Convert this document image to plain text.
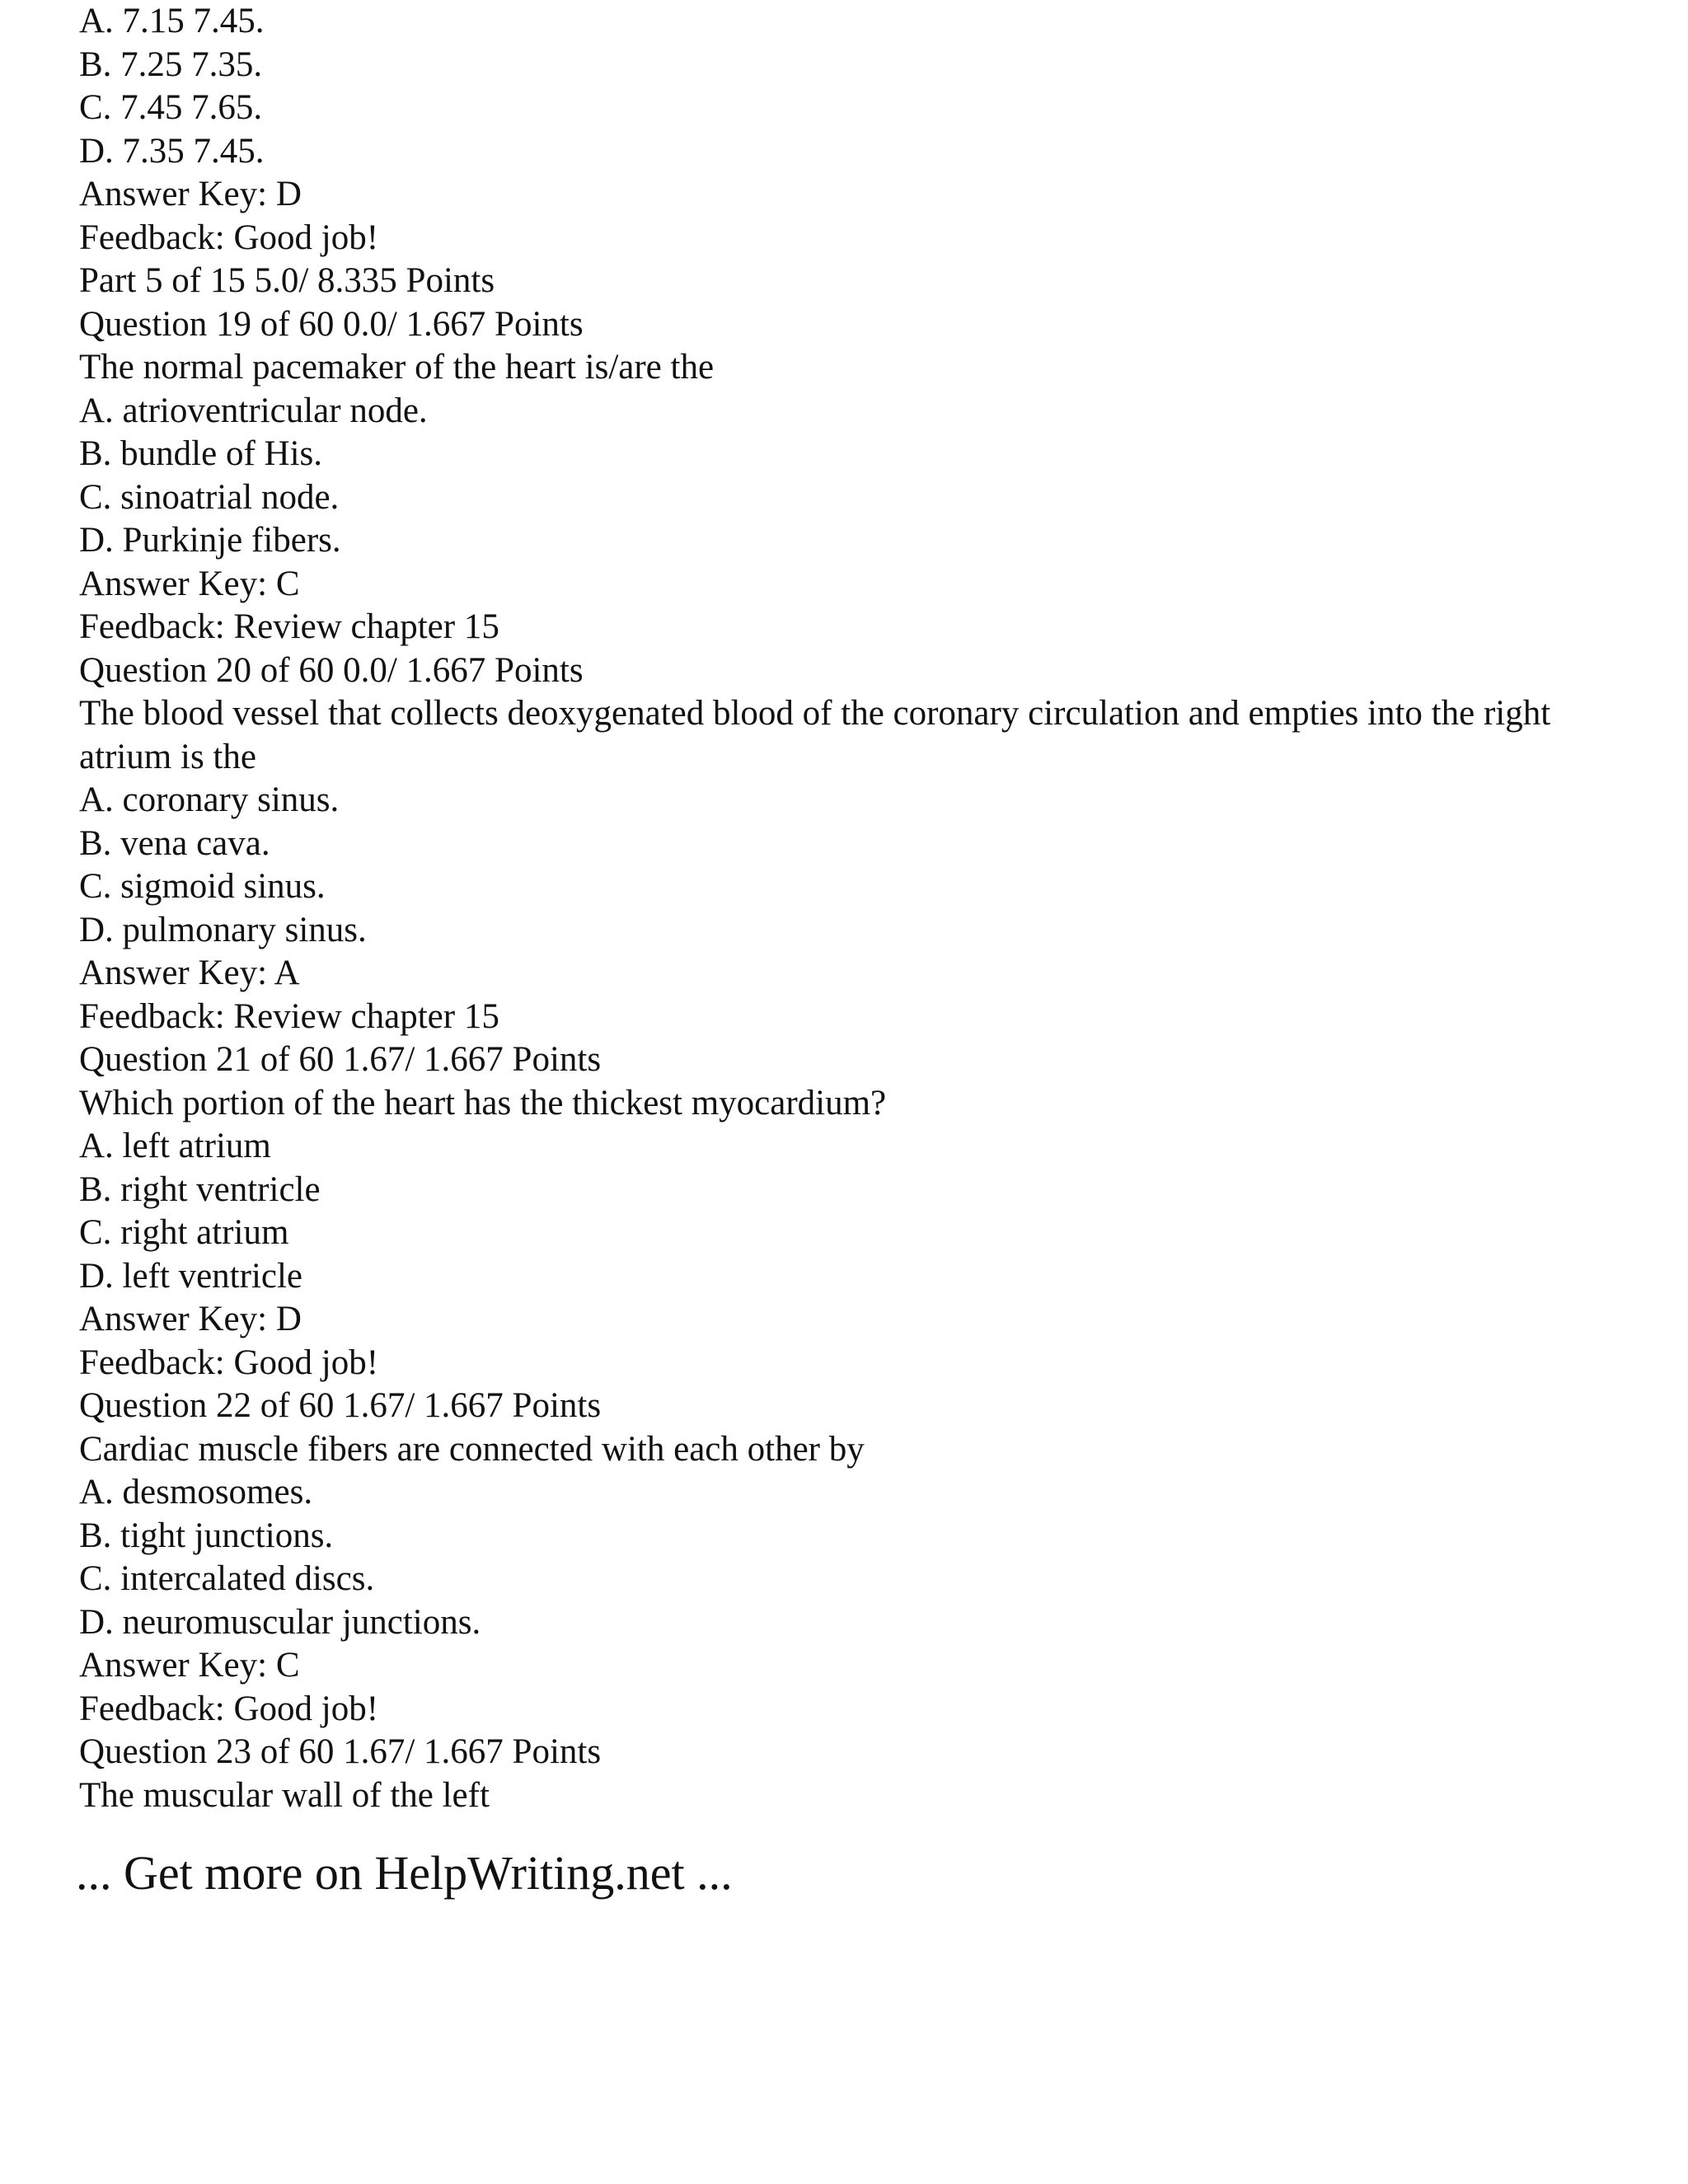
A. 7.15 7.45.
B. 7.25 7.35.
C. 7.45 7.65.
D. 7.35 7.45.
Answer Key: D
Feedback: Good job!
Part 5 of 15 5.0/ 8.335 Points
Question 19 of 60 0.0/ 1.667 Points
The normal pacemaker of the heart is/are the
A. atrioventricular node.
B. bundle of His.
C. sinoatrial node.
D. Purkinje fibers.
Answer Key: C
Feedback: Review chapter 15
Question 20 of 60 0.0/ 1.667 Points
The blood vessel that collects deoxygenated blood of the coronary circulation and empties into the right atrium is the
A. coronary sinus.
B. vena cava.
C. sigmoid sinus.
D. pulmonary sinus.
Answer Key: A
Feedback: Review chapter 15
Question 21 of 60 1.67/ 1.667 Points
Which portion of the heart has the thickest myocardium?
A. left atrium
B. right ventricle
C. right atrium
D. left ventricle
Answer Key: D
Feedback: Good job!
Question 22 of 60 1.67/ 1.667 Points
Cardiac muscle fibers are connected with each other by
A. desmosomes.
B. tight junctions.
C. intercalated discs.
D. neuromuscular junctions.
Answer Key: C
Feedback: Good job!
Question 23 of 60 1.67/ 1.667 Points
The muscular wall of the left
... Get more on HelpWriting.net ...
